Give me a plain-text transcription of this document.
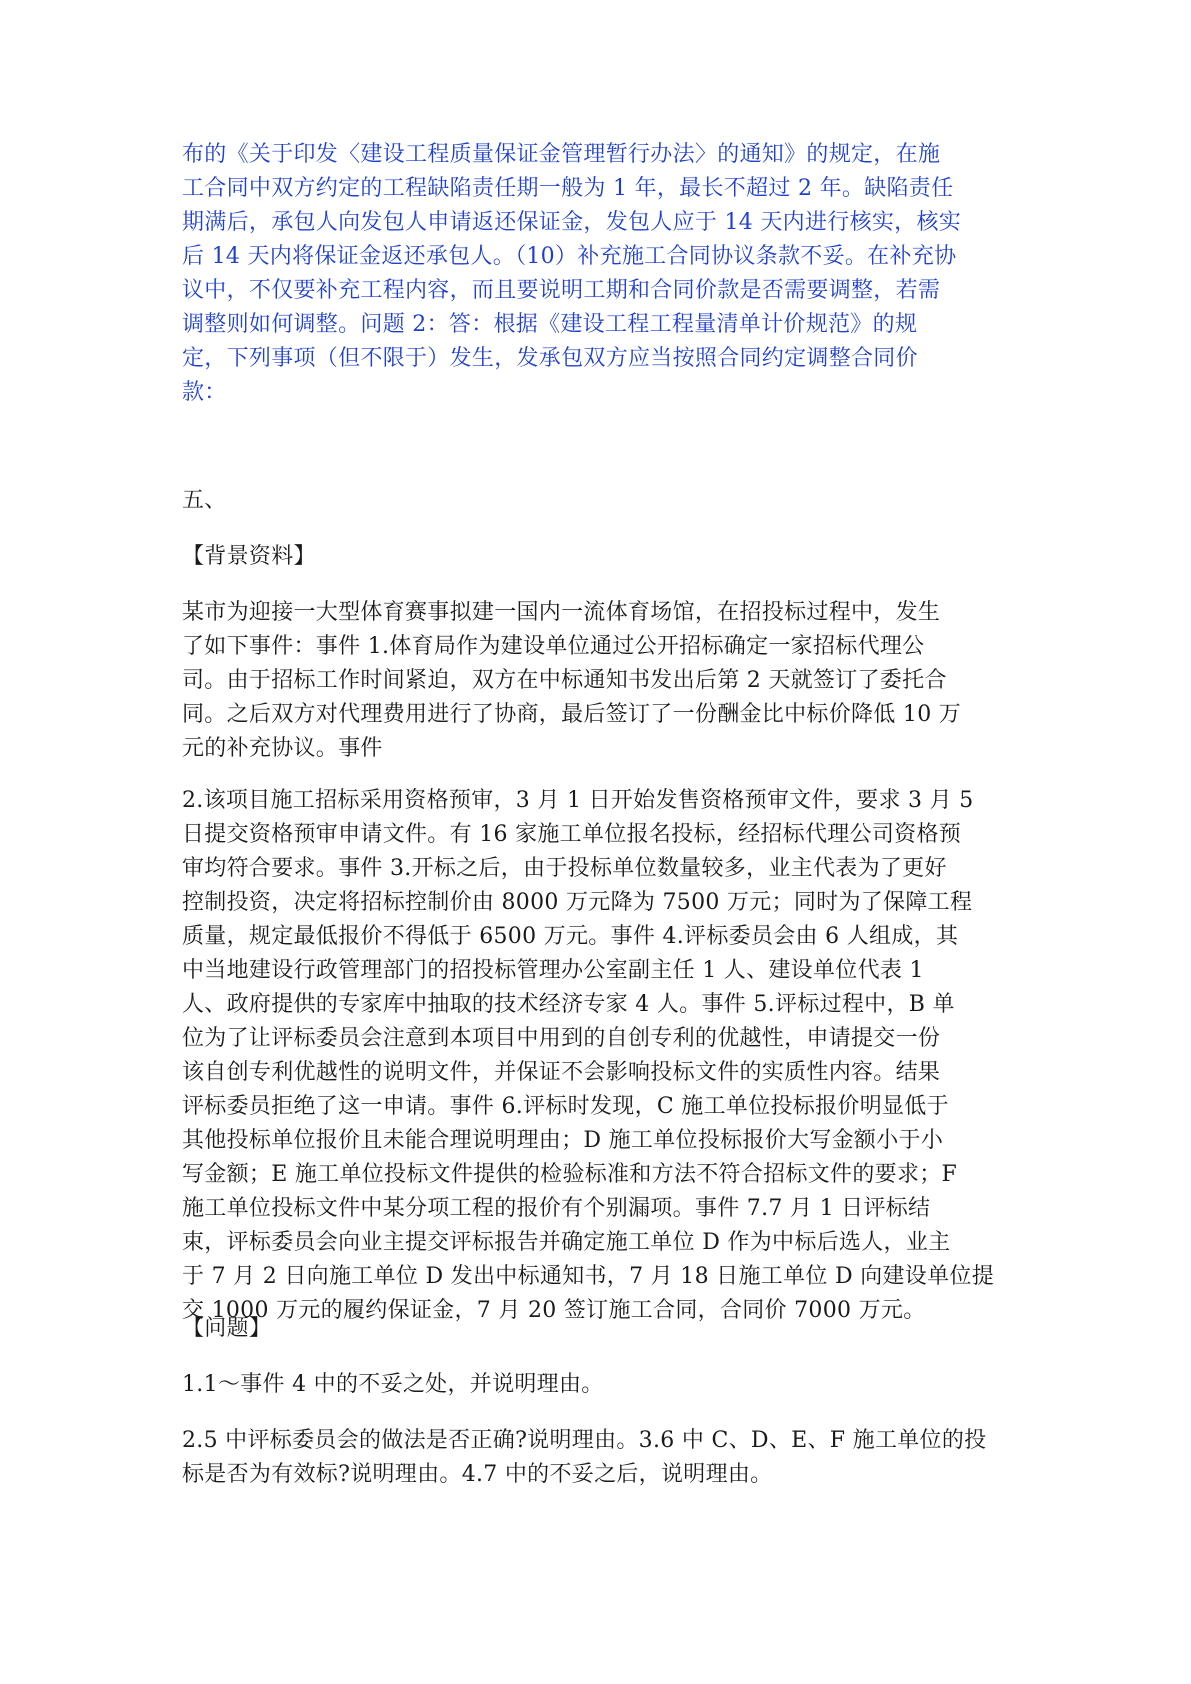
布的《关于印发〈建设工程质量保证金管理暂行办法〉的通知》的规定，在施
工合同中双方约定的工程缺陷责任期一般为 1 年，最长不超过 2 年。缺陷责任
期满后，承包人向发包人申请返还保证金，发包人应于 14 天内进行核实，核实
后 14 天内将保证金返还承包人。（10）补充施工合同协议条款不妥。在补充协
议中，不仅要补充工程内容，而且要说明工期和合同价款是否需要调整，若需
调整则如何调整。问题 2：答：根据《建设工程工程量清单计价规范》的规
定，下列事项（但不限于）发生，发承包双方应当按照合同约定调整合同价
款：

五、

【背景资料】

某市为迎接一大型体育赛事拟建一国内一流体育场馆，在招投标过程中，发生
了如下事件：事件 1.体育局作为建设单位通过公开招标确定一家招标代理公
司。由于招标工作时间紧迫，双方在中标通知书发出后第 2 天就签订了委托合
同。之后双方对代理费用进行了协商，最后签订了一份酬金比中标价降低 10 万
元的补充协议。事件

2.该项目施工招标采用资格预审，3 月 1 日开始发售资格预审文件，要求 3 月 5
日提交资格预审申请文件。有 16 家施工单位报名投标，经招标代理公司资格预
审均符合要求。事件 3.开标之后，由于投标单位数量较多，业主代表为了更好
控制投资，决定将招标控制价由 8000 万元降为 7500 万元；同时为了保障工程
质量，规定最低报价不得低于 6500 万元。事件 4.评标委员会由 6 人组成，其
中当地建设行政管理部门的招投标管理办公室副主任 1 人、建设单位代表 1
人、政府提供的专家库中抽取的技术经济专家 4 人。事件 5.评标过程中，B 单
位为了让评标委员会注意到本项目中用到的自创专利的优越性，申请提交一份
该自创专利优越性的说明文件，并保证不会影响投标文件的实质性内容。结果
评标委员拒绝了这一申请。事件 6.评标时发现，C 施工单位投标报价明显低于
其他投标单位报价且未能合理说明理由；D 施工单位投标报价大写金额小于小
写金额；E 施工单位投标文件提供的检验标准和方法不符合招标文件的要求；F
施工单位投标文件中某分项工程的报价有个别漏项。事件 7.7 月 1 日评标结
束，评标委员会向业主提交评标报告并确定施工单位 D 作为中标后选人，业主
于 7 月 2 日向施工单位 D 发出中标通知书，7 月 18 日施工单位 D 向建设单位提
交 1000 万元的履约保证金，7 月 20 签订施工合同，合同价 7000 万元。

【问题】

1.1～事件 4 中的不妥之处，并说明理由。

2.5 中评标委员会的做法是否正确?说明理由。3.6 中 C、D、E、F 施工单位的投
标是否为有效标?说明理由。4.7 中的不妥之后，说明理由。
